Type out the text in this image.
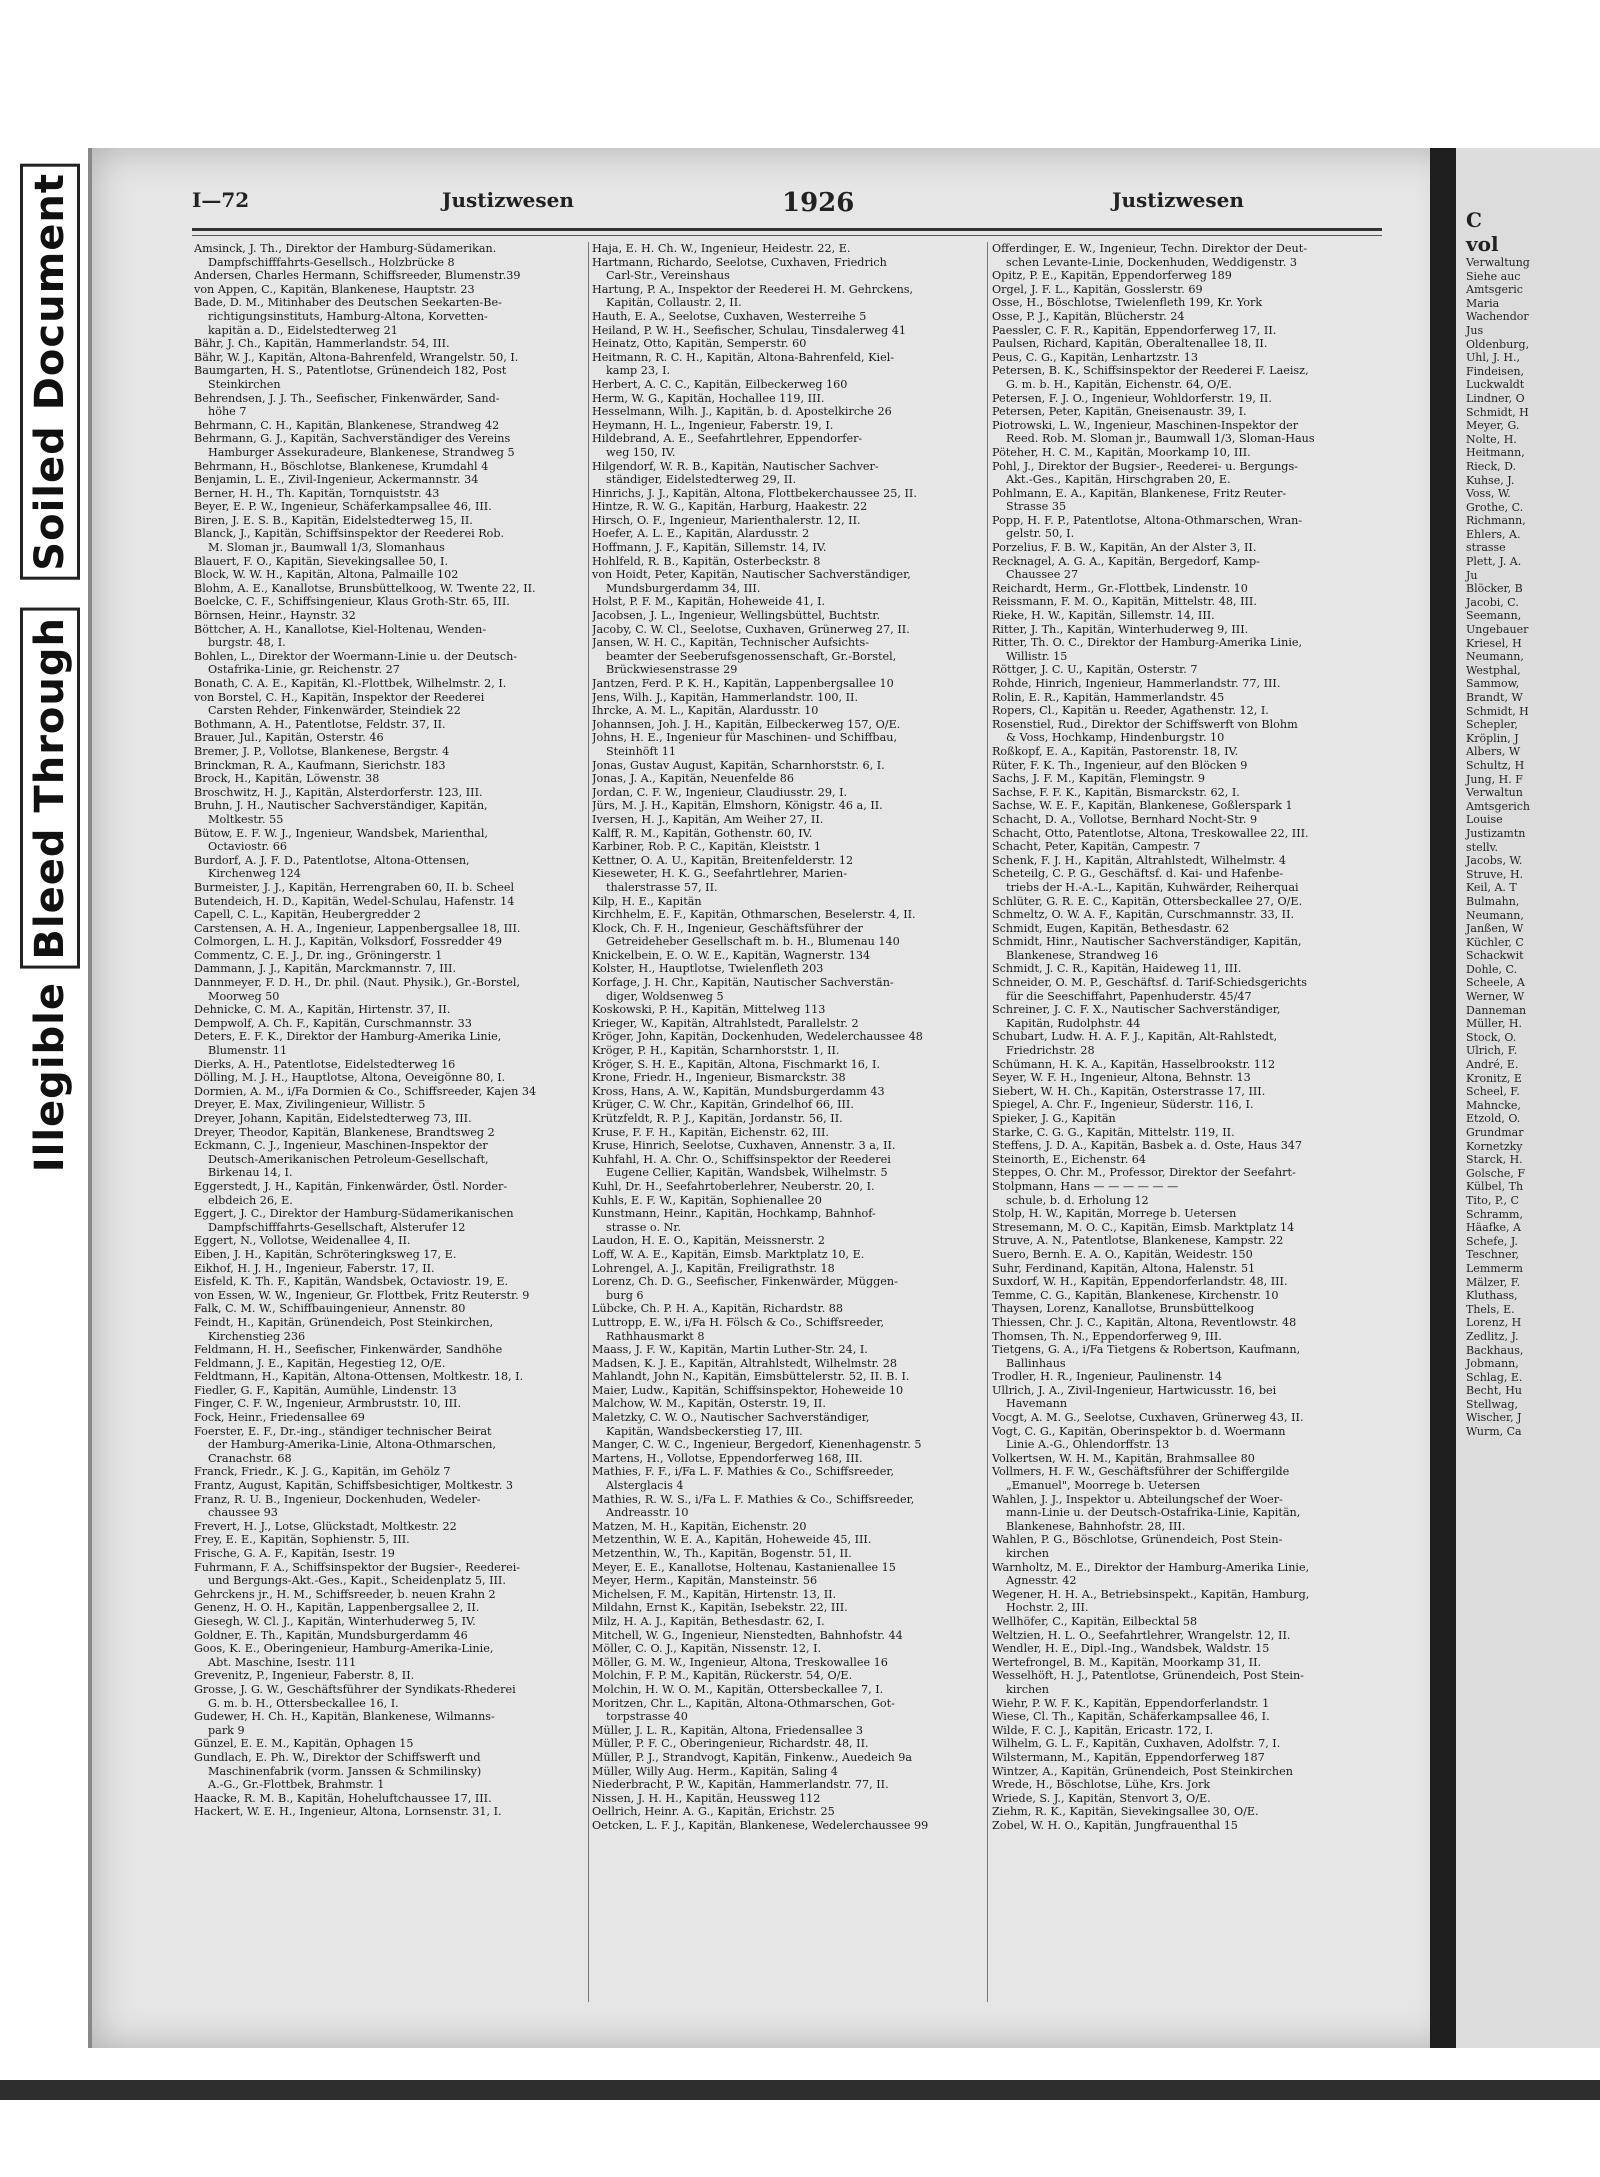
Soiled Document
Bleed Through
Illegible
I—72	Justizwesen	1926	Justizwesen
Amsinck, J. Th., Direktor der Hamburg-Südamerikan.
Dampfschifffahrts-Gesellsch., Holzbrücke 8
Andersen, Charles Hermann, Schiffsreeder, Blumenstr.39
von Appen, C., Kapitän, Blankenese, Hauptstr. 23
Bade, D. M., Mitinhaber des Deutschen Seekarten-Be-
richtigungsinstituts, Hamburg-Altona, Korvetten-
kapitän a. D., Eidelstedterweg 21
Bähr, J. Ch., Kapitän, Hammerlandstr. 54, III.
Bähr, W. J., Kapitän, Altona-Bahrenfeld, Wrangelstr. 50, I.
Baumgarten, H. S., Patentlotse, Grünendeich 182, Post
Steinkirchen
Behrendsen, J. J. Th., Seefischer, Finkenwärder, Sand-
höhe 7
Behrmann, C. H., Kapitän, Blankenese, Strandweg 42
Behrmann, G. J., Kapitän, Sachverständiger des Vereins
Hamburger Assekuradeure, Blankenese, Strandweg 5
Behrmann, H., Böschlotse, Blankenese, Krumdahl 4
Benjamin, L. E., Zivil-Ingenieur, Ackermannstr. 34
Berner, H. H., Th. Kapitän, Tornquiststr. 43
Beyer, E. P. W., Ingenieur, Schäferkampsallee 46, III.
Biren, J. E. S. B., Kapitän, Eidelstedterweg 15, II.
Blanck, J., Kapitän, Schiffsinspektor der Reederei Rob.
M. Sloman jr., Baumwall 1/3, Slomanhaus
Blauert, F. O., Kapitän, Sievekingsallee 50, I.
Block, W. W. H., Kapitän, Altona, Palmaille 102
Blohm, A. E., Kanallotse, Brunsbüttelkoog, W. Twente 22, II.
Boelcke, C. F., Schiffsingenieur, Klaus Groth-Str. 65, III.
Börnsen, Heinr., Haynstr. 32
Böttcher, A. H., Kanallotse, Kiel-Holtenau, Wenden-
burgstr. 48, I.
Bohlen, L., Direktor der Woermann-Linie u. der Deutsch-
Ostafrika-Linie, gr. Reichenstr. 27
Bonath, C. A. E., Kapitän, Kl.-Flottbek, Wilhelmstr. 2, I.
von Borstel, C. H., Kapitän, Inspektor der Reederei
Carsten Rehder, Finkenwärder, Steindiek 22
Bothmann, A. H., Patentlotse, Feldstr. 37, II.
Brauer, Jul., Kapitän, Osterstr. 46
Bremer, J. P., Vollotse, Blankenese, Bergstr. 4
Brinckman, R. A., Kaufmann, Sierichstr. 183
Brock, H., Kapitän, Löwenstr. 38
Broschwitz, H. J., Kapitän, Alsterdorferstr. 123, III.
Bruhn, J. H., Nautischer Sachverständiger, Kapitän,
Moltkestr. 55
Bütow, E. F. W. J., Ingenieur, Wandsbek, Marienthal,
Octaviostr. 66
Burdorf, A. J. F. D., Patentlotse, Altona-Ottensen,
Kirchenweg 124
Burmeister, J. J., Kapitän, Herrengraben 60, II. b. Scheel
Butendeich, H. D., Kapitän, Wedel-Schulau, Hafenstr. 14
Capell, C. L., Kapitän, Heubergredder 2
Carstensen, A. H. A., Ingenieur, Lappenbergsallee 18, III.
Colmorgen, L. H. J., Kapitän, Volksdorf, Fossredder 49
Commentz, C. E. J., Dr. ing., Gröningerstr. 1
Dammann, J. J., Kapitän, Marckmannstr. 7, III.
Dannmeyer, F. D. H., Dr. phil. (Naut. Physik.), Gr.-Borstel,
Moorweg 50
Dehnicke, C. M. A., Kapitän, Hirtenstr. 37, II.
Dempwolf, A. Ch. F., Kapitän, Curschmannstr. 33
Deters, E. F. K., Direktor der Hamburg-Amerika Linie,
Blumenstr. 11
Dierks, A. H., Patentlotse, Eidelstedterweg 16
Dölling, M. J. H., Hauptlotse, Altona, Oeveigönne 80, I.
Dormien, A. M., i/Fa Dormien & Co., Schiffsreeder, Kajen 34
Dreyer, E. Max, Zivilingenieur, Willistr. 5
Dreyer, Johann, Kapitän, Eidelstedterweg 73, III.
Dreyer, Theodor, Kapitän, Blankenese, Brandtsweg 2
Eckmann, C. J., Ingenieur, Maschinen-Inspektor der
Deutsch-Amerikanischen Petroleum-Gesellschaft,
Birkenau 14, I.
Eggerstedt, J. H., Kapitän, Finkenwärder, Östl. Norder-
elbdeich 26, E.
Eggert, J. C., Direktor der Hamburg-Südamerikanischen
Dampfschifffahrts-Gesellschaft, Alsterufer 12
Eggert, N., Vollotse, Weidenallee 4, II.
Eiben, J. H., Kapitän, Schröteringksweg 17, E.
Eikhof, H. J. H., Ingenieur, Faberstr. 17, II.
Eisfeld, K. Th. F., Kapitän, Wandsbek, Octaviostr. 19, E.
von Essen, W. W., Ingenieur, Gr. Flottbek, Fritz Reuterstr. 9
Falk, C. M. W., Schiffbauingenieur, Annenstr. 80
Feindt, H., Kapitän, Grünendeich, Post Steinkirchen,
Kirchenstieg 236
Feldmann, H. H., Seefischer, Finkenwärder, Sandhöhe
Feldmann, J. E., Kapitän, Hegestieg 12, O/E.
Feldtmann, H., Kapitän, Altona-Ottensen, Moltkestr. 18, I.
Fiedler, G. F., Kapitän, Aumühle, Lindenstr. 13
Finger, C. F. W., Ingenieur, Armbruststr. 10, III.
Fock, Heinr., Friedensallee 69
Foerster, E. F., Dr.-ing., ständiger technischer Beirat
der Hamburg-Amerika-Linie, Altona-Othmarschen,
Cranachstr. 68
Franck, Friedr., K. J. G., Kapitän, im Gehölz 7
Frantz, August, Kapitän, Schiffsbesichtiger, Moltkestr. 3
Franz, R. U. B., Ingenieur, Dockenhuden, Wedeler-
chaussee 93
Frevert, H. J., Lotse, Glückstadt, Moltkestr. 22
Frey, E. E., Kapitän, Sophienstr. 5, III.
Frische, G. A. F., Kapitän, Isestr. 19
Fuhrmann, F. A., Schiffsinspektor der Bugsier-, Reederei-
und Bergungs-Akt.-Ges., Kapit., Scheidenplatz 5, III.
Gehrckens jr., H. M., Schiffsreeder, b. neuen Krahn 2
Genenz, H. O. H., Kapitän, Lappenbergsallee 2, II.
Giesegh, W. Cl. J., Kapitän, Winterhuderweg 5, IV.
Goldner, E. Th., Kapitän, Mundsburgerdamm 46
Goos, K. E., Oberingenieur, Hamburg-Amerika-Linie,
Abt. Maschine, Isestr. 111
Grevenitz, P., Ingenieur, Faberstr. 8, II.
Grosse, J. G. W., Geschäftsführer der Syndikats-Rhederei
G. m. b. H., Ottersbeckallee 16, I.
Gudewer, H. Ch. H., Kapitän, Blankenese, Wilmanns-
park 9
Günzel, E. E. M., Kapitän, Ophagen 15
Gundlach, E. Ph. W., Direktor der Schiffswerft und
Maschinenfabrik (vorm. Janssen & Schmilinsky)
A.-G., Gr.-Flottbek, Brahmstr. 1
Haacke, R. M. B., Kapitän, Hoheluftchaussee 17, III.
Hackert, W. E. H., Ingenieur, Altona, Lornsenstr. 31, I.
Haja, E. H. Ch. W., Ingenieur, Heidestr. 22, E.
Hartmann, Richardo, Seelotse, Cuxhaven, Friedrich
Carl-Str., Vereinshaus
Hartung, P. A., Inspektor der Reederei H. M. Gehrckens,
Kapitän, Collaustr. 2, II.
Hauth, E. A., Seelotse, Cuxhaven, Westerreihe 5
Heiland, P. W. H., Seefischer, Schulau, Tinsdalerweg 41
Heinatz, Otto, Kapitän, Semperstr. 60
Heitmann, R. C. H., Kapitän, Altona-Bahrenfeld, Kiel-
kamp 23, I.
Herbert, A. C. C., Kapitän, Eilbeckerweg 160
Herm, W. G., Kapitän, Hochallee 119, III.
Hesselmann, Wilh. J., Kapitän, b. d. Apostelkirche 26
Heymann, H. L., Ingenieur, Faberstr. 19, I.
Hildebrand, A. E., Seefahrtlehrer, Eppendorfer-
weg 150, IV.
Hilgendorf, W. R. B., Kapitän, Nautischer Sachver-
ständiger, Eidelstedterweg 29, II.
Hinrichs, J. J., Kapitän, Altona, Flottbekerchaussee 25, II.
Hintze, R. W. G., Kapitän, Harburg, Haakestr. 22
Hirsch, O. F., Ingenieur, Marienthalerstr. 12, II.
Hoefer, A. L. E., Kapitän, Alardusstr. 2
Hoffmann, J. F., Kapitän, Sillemstr. 14, IV.
Hohlfeld, R. B., Kapitän, Osterbeckstr. 8
von Hoidt, Peter, Kapitän, Nautischer Sachverständiger,
Mundsburgerdamm 34, III.
Holst, P. F. M., Kapitän, Hoheweide 41, I.
Jacobsen, J. L., Ingenieur, Wellingsbüttel, Buchtstr.
Jacoby, C. W. Cl., Seelotse, Cuxhaven, Grünerweg 27, II.
Jansen, W. H. C., Kapitän, Technischer Aufsichts-
beamter der Seeberufsgenossenschaft, Gr.-Borstel,
Brückwiesenstrasse 29
Jantzen, Ferd. P. K. H., Kapitän, Lappenbergsallee 10
Jens, Wilh. J., Kapitän, Hammerlandstr. 100, II.
Ihrcke, A. M. L., Kapitän, Alardusstr. 10
Johannsen, Joh. J. H., Kapitän, Eilbeckerweg 157, O/E.
Johns, H. E., Ingenieur für Maschinen- und Schiffbau,
Steinhöft 11
Jonas, Gustav August, Kapitän, Scharnhorststr. 6, I.
Jonas, J. A., Kapitän, Neuenfelde 86
Jordan, C. F. W., Ingenieur, Claudiusstr. 29, I.
Jürs, M. J. H., Kapitän, Elmshorn, Königstr. 46 a, II.
Iversen, H. J., Kapitän, Am Weiher 27, II.
Kalff, R. M., Kapitän, Gothenstr. 60, IV.
Karbiner, Rob. P. C., Kapitän, Kleiststr. 1
Kettner, O. A. U., Kapitän, Breitenfelderstr. 12
Kieseweter, H. K. G., Seefahrtlehrer, Marien-
thalerstrasse 57, II.
Kilp, H. E., Kapitän
Kirchhelm, E. F., Kapitän, Othmarschen, Beselerstr. 4, II.
Klock, Ch. F. H., Ingenieur, Geschäftsführer der
Getreideheber Gesellschaft m. b. H., Blumenau 140
Knickelbein, E. O. W. E., Kapitän, Wagnerstr. 134
Kolster, H., Hauptlotse, Twielenfleth 203
Korfage, J. H. Chr., Kapitän, Nautischer Sachverstän-
diger, Woldsenweg 5
Koskowski, P. H., Kapitän, Mittelweg 113
Krieger, W., Kapitän, Altrahlstedt, Parallelstr. 2
Kröger, John, Kapitän, Dockenhuden, Wedelerchaussee 48
Kröger, P. H., Kapitän, Scharnhorststr. 1, II.
Kröger, S. H. E., Kapitän, Altona, Fischmarkt 16, I.
Krone, Friedr. H., Ingenieur, Bismarckstr. 38
Kross, Hans, A. W., Kapitän, Mundsburgerdamm 43
Krüger, C. W. Chr., Kapitän, Grindelhof 66, III.
Krützfeldt, R. P. J., Kapitän, Jordanstr. 56, II.
Kruse, F. F. H., Kapitän, Eichenstr. 62, III.
Kruse, Hinrich, Seelotse, Cuxhaven, Annenstr. 3 a, II.
Kuhfahl, H. A. Chr. O., Schiffsinspektor der Reederei
Eugene Cellier, Kapitän, Wandsbek, Wilhelmstr. 5
Kuhl, Dr. H., Seefahrtoberlehrer, Neuberstr. 20, I.
Kuhls, E. F. W., Kapitän, Sophienallee 20
Kunstmann, Heinr., Kapitän, Hochkamp, Bahnhof-
strasse o. Nr.
Laudon, H. E. O., Kapitän, Meissnerstr. 2
Loff, W. A. E., Kapitän, Eimsb. Marktplatz 10, E.
Lohrengel, A. J., Kapitän, Freiligrathstr. 18
Lorenz, Ch. D. G., Seefischer, Finkenwärder, Müggen-
burg 6
Lübcke, Ch. P. H. A., Kapitän, Richardstr. 88
Luttropp, E. W., i/Fa H. Fölsch & Co., Schiffsreeder,
Rathhausmarkt 8
Maass, J. F. W., Kapitän, Martin Luther-Str. 24, I.
Madsen, K. J. E., Kapitän, Altrahlstedt, Wilhelmstr. 28
Mahlandt, John N., Kapitän, Eimsbüttelerstr. 52, II. B. I.
Maier, Ludw., Kapitän, Schiffsinspektor, Hoheweide 10
Malchow, W. M., Kapitän, Osterstr. 19, II.
Maletzky, C. W. O., Nautischer Sachverständiger,
Kapitän, Wandsbeckerstieg 17, III.
Manger, C. W. C., Ingenieur, Bergedorf, Kienenhagenstr. 5
Martens, H., Vollotse, Eppendorferweg 168, III.
Mathies, F. F., i/Fa L. F. Mathies & Co., Schiffsreeder,
Alsterglacis 4
Mathies, R. W. S., i/Fa L. F. Mathies & Co., Schiffsreeder,
Andreasstr. 10
Matzen, M. H., Kapitän, Eichenstr. 20
Metzenthin, W. E. A., Kapitän, Hoheweide 45, III.
Metzenthin, W., Th., Kapitän, Bogenstr. 51, II.
Meyer, E. E., Kanallotse, Holtenau, Kastanienallee 15
Meyer, Herm., Kapitän, Mansteinstr. 56
Michelsen, F. M., Kapitän, Hirtenstr. 13, II.
Mildahn, Ernst K., Kapitän, Isebekstr. 22, III.
Milz, H. A. J., Kapitän, Bethesdastr. 62, I.
Mitchell, W. G., Ingenieur, Nienstedten, Bahnhofstr. 44
Möller, C. O. J., Kapitän, Nissenstr. 12, I.
Möller, G. M. W., Ingenieur, Altona, Treskowallee 16
Molchin, F. P. M., Kapitän, Rückerstr. 54, O/E.
Molchin, H. W. O. M., Kapitän, Ottersbeckallee 7, I.
Moritzen, Chr. L., Kapitän, Altona-Othmarschen, Got-
torpstrasse 40
Müller, J. L. R., Kapitän, Altona, Friedensallee 3
Müller, P. F. C., Oberingenieur, Richardstr. 48, II.
Müller, P. J., Strandvogt, Kapitän, Finkenw., Auedeich 9a
Müller, Willy Aug. Herm., Kapitän, Saling 4
Niederbracht, P. W., Kapitän, Hammerlandstr. 77, II.
Nissen, J. H. H., Kapitän, Heussweg 112
Oellrich, Heinr. A. G., Kapitän, Erichstr. 25
Oetcken, L. F. J., Kapitän, Blankenese, Wedelerchaussee 99
Offerdinger, E. W., Ingenieur, Techn. Direktor der Deut-
schen Levante-Linie, Dockenhuden, Weddigenstr. 3
Opitz, P. E., Kapitän, Eppendorferweg 189
Orgel, J. F. L., Kapitän, Gosslerstr. 69
Osse, H., Böschlotse, Twielenfleth 199, Kr. York
Osse, P. J., Kapitän, Blücherstr. 24
Paessler, C. F. R., Kapitän, Eppendorferweg 17, II.
Paulsen, Richard, Kapitän, Oberaltenallee 18, II.
Peus, C. G., Kapitän, Lenhartzstr. 13
Petersen, B. K., Schiffsinspektor der Reederei F. Laeisz,
G. m. b. H., Kapitän, Eichenstr. 64, O/E.
Petersen, F. J. O., Ingenieur, Wohldorferstr. 19, II.
Petersen, Peter, Kapitän, Gneisenaustr. 39, I.
Piotrowski, L. W., Ingenieur, Maschinen-Inspektor der
Reed. Rob. M. Sloman jr., Baumwall 1/3, Sloman-Haus
Pöteher, H. C. M., Kapitän, Moorkamp 10, III.
Pohl, J., Direktor der Bugsier-, Reederei- u. Bergungs-
Akt.-Ges., Kapitän, Hirschgraben 20, E.
Pohlmann, E. A., Kapitän, Blankenese, Fritz Reuter-
Strasse 35
Popp, H. F. P., Patentlotse, Altona-Othmarschen, Wran-
gelstr. 50, I.
Porzelius, F. B. W., Kapitän, An der Alster 3, II.
Recknagel, A. G. A., Kapitän, Bergedorf, Kamp-
Chaussee 27
Reichardt, Herm., Gr.-Flottbek, Lindenstr. 10
Reissmann, F. M. O., Kapitän, Mittelstr. 48, III.
Rieke, H. W., Kapitän, Sillemstr. 14, III.
Ritter, J. Th., Kapitän, Winterhuderweg 9, III.
Ritter, Th. O. C., Direktor der Hamburg-Amerika Linie,
Willistr. 15
Röttger, J. C. U., Kapitän, Osterstr. 7
Rohde, Hinrich, Ingenieur, Hammerlandstr. 77, III.
Rolin, E. R., Kapitän, Hammerlandstr. 45
Ropers, Cl., Kapitän u. Reeder, Agathenstr. 12, I.
Rosenstiel, Rud., Direktor der Schiffswerft von Blohm
& Voss, Hochkamp, Hindenburgstr. 10
Roßkopf, E. A., Kapitän, Pastorenstr. 18, IV.
Rüter, F. K. Th., Ingenieur, auf den Blöcken 9
Sachs, J. F. M., Kapitän, Flemingstr. 9
Sachse, F. F. K., Kapitän, Bismarckstr. 62, I.
Sachse, W. E. F., Kapitän, Blankenese, Goßlerspark 1
Schacht, D. A., Vollotse, Bernhard Nocht-Str. 9
Schacht, Otto, Patentlotse, Altona, Treskowallee 22, III.
Schacht, Peter, Kapitän, Campestr. 7
Schenk, F. J. H., Kapitän, Altrahlstedt, Wilhelmstr. 4
Scheteilg, C. P. G., Geschäftsf. d. Kai- und Hafenbe-
triebs der H.-A.-L., Kapitän, Kuhwärder, Reiherquai
Schlüter, G. R. E. C., Kapitän, Ottersbeckallee 27, O/E.
Schmeltz, O. W. A. F., Kapitän, Curschmannstr. 33, II.
Schmidt, Eugen, Kapitän, Bethesdastr. 62
Schmidt, Hinr., Nautischer Sachverständiger, Kapitän,
Blankenese, Strandweg 16
Schmidt, J. C. R., Kapitän, Haideweg 11, III.
Schneider, O. M. P., Geschäftsf. d. Tarif-Schiedsgerichts
für die Seeschiffahrt, Papenhuderstr. 45/47
Schreiner, J. C. F. X., Nautischer Sachverständiger,
Kapitän, Rudolphstr. 44
Schubart, Ludw. H. A. F. J., Kapitän, Alt-Rahlstedt,
Friedrichstr. 28
Schümann, H. K. A., Kapitän, Hasselbrookstr. 112
Seyer, W. F. H., Ingenieur, Altona, Behnstr. 13
Siebert, W. H. Ch., Kapitän, Osterstrasse 17, III.
Spiegel, A. Chr. F., Ingenieur, Süderstr. 116, I.
Spieker, J. G., Kapitän
Starke, C. G. G., Kapitän, Mittelstr. 119, II.
Steffens, J. D. A., Kapitän, Basbek a. d. Oste, Haus 347
Steinorth, E., Eichenstr. 64
Steppes, O. Chr. M., Professor, Direktor der Seefahrt-
Stolpmann, Hans — — — — — —
schule, b. d. Erholung 12
Stolp, H. W., Kapitän, Morrege b. Uetersen
Stresemann, M. O. C., Kapitän, Eimsb. Marktplatz 14
Struve, A. N., Patentlotse, Blankenese, Kampstr. 22
Suero, Bernh. E. A. O., Kapitän, Weidestr. 150
Suhr, Ferdinand, Kapitän, Altona, Halenstr. 51
Suxdorf, W. H., Kapitän, Eppendorferlandstr. 48, III.
Temme, C. G., Kapitän, Blankenese, Kirchenstr. 10
Thaysen, Lorenz, Kanallotse, Brunsbüttelkoog
Thiessen, Chr. J. C., Kapitän, Altona, Reventlowstr. 48
Thomsen, Th. N., Eppendorferweg 9, III.
Tietgens, G. A., i/Fa Tietgens & Robertson, Kaufmann,
Ballinhaus
Trodler, H. R., Ingenieur, Paulinenstr. 14
Ullrich, J. A., Zivil-Ingenieur, Hartwicusstr. 16, bei
Havemann
Vocgt, A. M. G., Seelotse, Cuxhaven, Grünerweg 43, II.
Vogt, C. G., Kapitän, Oberinspektor b. d. Woermann
Linie A.-G., Ohlendorffstr. 13
Volkertsen, W. H. M., Kapitän, Brahmsallee 80
Vollmers, H. F. W., Geschäftsführer der Schiffergilde
„Emanuel", Moorrege b. Uetersen
Wahlen, J. J., Inspektor u. Abteilungschef der Woer-
mann-Linie u. der Deutsch-Ostafrika-Linie, Kapitän,
Blankenese, Bahnhofstr. 28, III.
Wahlen, P. G., Böschlotse, Grünendeich, Post Stein-
kirchen
Warnholtz, M. E., Direktor der Hamburg-Amerika Linie,
Agnesstr. 42
Wegener, H. H. A., Betriebsinspekt., Kapitän, Hamburg,
Hochstr. 2, III.
Wellhöfer, C., Kapitän, Eilbecktal 58
Weltzien, H. L. O., Seefahrtlehrer, Wrangelstr. 12, II.
Wendler, H. E., Dipl.-Ing., Wandsbek, Waldstr. 15
Wertefrongel, B. M., Kapitän, Moorkamp 31, II.
Wesselhöft, H. J., Patentlotse, Grünendeich, Post Stein-
kirchen
Wiehr, P. W. F. K., Kapitän, Eppendorferlandstr. 1
Wiese, Cl. Th., Kapitän, Schäferkampsallee 46, I.
Wilde, F. C. J., Kapitän, Ericastr. 172, I.
Wilhelm, G. L. F., Kapitän, Cuxhaven, Adolfstr. 7, I.
Wilstermann, M., Kapitän, Eppendorferweg 187
Wintzer, A., Kapitän, Grünendeich, Post Steinkirchen
Wrede, H., Böschlotse, Lühe, Krs. Jork
Wriede, S. J., Kapitän, Stenvort 3, O/E.
Ziehm, R. K., Kapitän, Sievekingsallee 30, O/E.
Zobel, W. H. O., Kapitän, Jungfrauenthal 15
C
vol
Verwaltung
Siehe auc
Amtsgeric
Maria
Wachendor
Jus
Oldenburg,
Uhl, J. H.,
Findeisen,
Luckwaldt
Lindner, O
Schmidt, H
Meyer, G.
Nolte, H.
Heitmann,
Rieck, D.
Kuhse, J.
Voss, W.
Grothe, C.
Richmann,
Ehlers, A.
strasse
Plett, J. A.
Ju
Blöcker, B
Jacobi, C.
Seemann,
Ungebauer
Kriesel, H
Neumann,
Westphal,
Sammow,
Brandt, W
Schmidt, H
Schepler,
Kröplin, J
Albers, W
Schultz, H
Jung, H. F
Verwaltun
Amtsgerich
Louise
Justizamtn
stellv.
Jacobs, W.
Struve, H.
Keil, A. T
Bulmahn,
Neumann,
Janßen, W
Küchler, C
Schackwit
Dohle, C.
Scheele, A
Werner, W
Danneman
Müller, H.
Stock, O.
Ulrich, F.
André, E.
Kronitz, E
Scheel, F.
Mahncke,
Etzold, O.
Grundmar
Kornetzky
Starck, H.
Golsche, F
Külbel, Th
Tito, P., C
Schramm,
Häafke, A
Schefe, J.
Teschner,
Lemmerm
Mälzer, F.
Kluthass,
Thels, E.
Lorenz, H
Zedlitz, J.
Backhaus,
Jobmann,
Schlag, E.
Becht, Hu
Stellwag,
Wischer, J
Wurm, Ca
